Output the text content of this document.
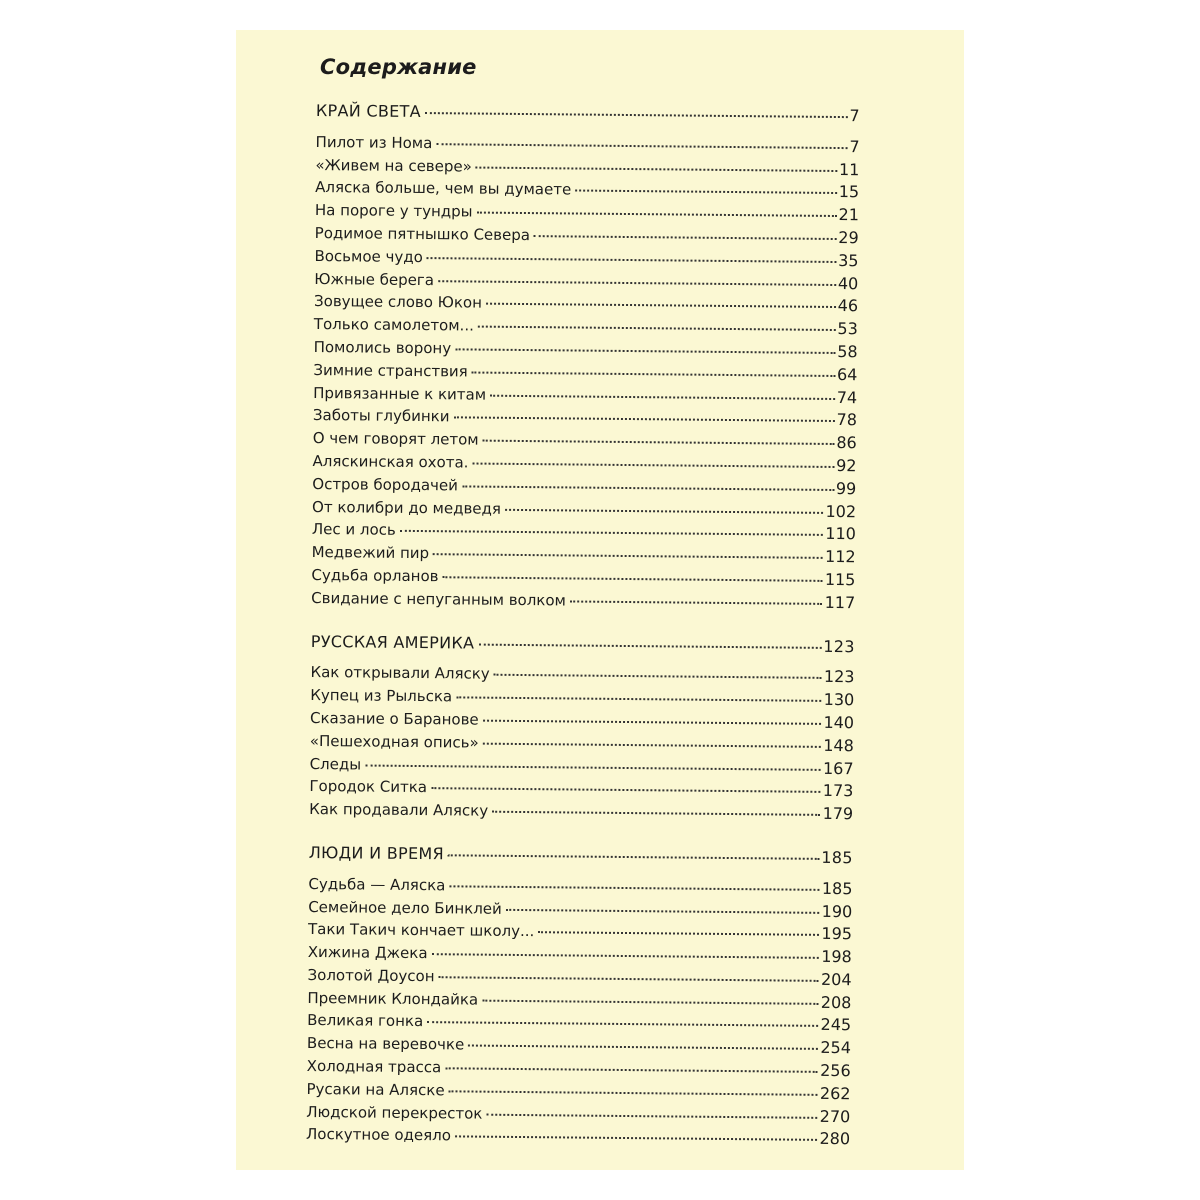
Содержание
КРАЙ СВЕТА	7
Пилот из Нома	7
«Живем на севере»	11
Аляска больше, чем вы думаете	15
На пороге у тундры	21
Родимое пятнышко Севера	29
Восьмое чудо	35
Южные берега	40
Зовущее слово Юкон	46
Только самолетом...	53
Помолись ворону	58
Зимние странствия	64
Привязанные к китам	74
Заботы глубинки	78
О чем говорят летом	86
Аляскинская охота.	92
Остров бородачей	99
От колибри до медведя	102
Лес и лось	110
Медвежий пир	112
Судьба орланов	115
Свидание с непуганным волком	117
РУССКАЯ АМЕРИКА	123
Как открывали Аляску	123
Купец из Рыльска	130
Сказание о Баранове	140
«Пешеходная опись»	148
Следы	167
Городок Ситка	173
Как продавали Аляску	179
ЛЮДИ И ВРЕМЯ	185
Судьба — Аляска	185
Семейное дело Бинклей	190
Таки Такич кончает школу...	195
Хижина Джека	198
Золотой Доусон	204
Преемник Клондайка	208
Великая гонка	245
Весна на веревочке	254
Холодная трасса	256
Русаки на Аляске	262
Людской перекресток	270
Лоскутное одеяло	280
